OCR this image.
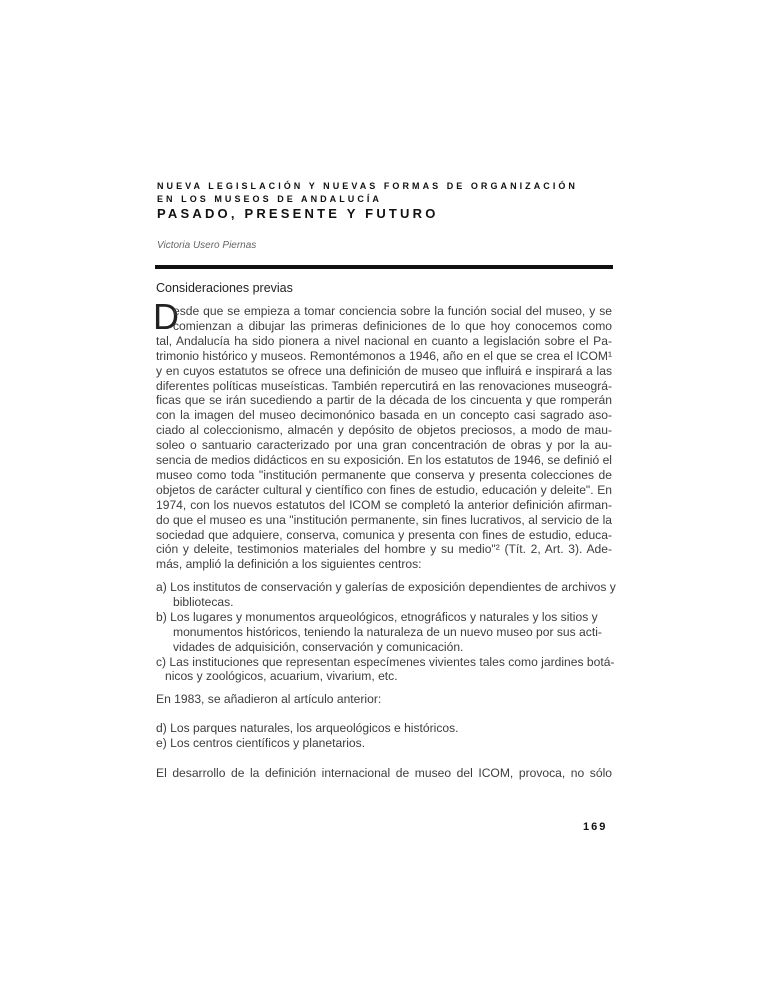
NUEVA LEGISLACIÓN Y NUEVAS FORMAS DE ORGANIZACIÓN
EN LOS MUSEOS DE ANDALUCÍA
PASADO, PRESENTE Y FUTURO
Victoria Usero Piernas
Consideraciones previas
D
esde que se empieza a tomar conciencia sobre la función social del museo, y se
comienzan a dibujar las primeras definiciones de lo que hoy conocemos como
tal, Andalucía ha sido pionera a nivel nacional en cuanto a legislación sobre el Pa-
trimonio histórico y museos. Remontémonos a 1946, año en el que se crea el ICOM¹
y en cuyos estatutos se ofrece una definición de museo que influirá e inspirará a las
diferentes políticas museísticas. También repercutirá en las renovaciones museográ-
ficas que se irán sucediendo a partir de la década de los cincuenta y que romperán
con la imagen del museo decimonónico basada en un concepto casi sagrado aso-
ciado al coleccionismo, almacén y depósito de objetos preciosos, a modo de mau-
soleo o santuario caracterizado por una gran concentración de obras y por la au-
sencia de medios didácticos en su exposición. En los estatutos de 1946, se definió el
museo como toda "institución permanente que conserva y presenta colecciones de
objetos de carácter cultural y científico con fines de estudio, educación y deleite". En
1974, con los nuevos estatutos del ICOM se completó la anterior definición afirman-
do que el museo es una "institución permanente, sin fines lucrativos, al servicio de la
sociedad que adquiere, conserva, comunica y presenta con fines de estudio, educa-
ción y deleite, testimonios materiales del hombre y su medio"² (Tít. 2, Art. 3). Ade-
más, amplió la definición a los siguientes centros:
a) Los institutos de conservación y galerías de exposición dependientes de archivos y
bibliotecas.
b) Los lugares y monumentos arqueológicos, etnográficos y naturales y los sitios y
monumentos históricos, teniendo la naturaleza de un nuevo museo por sus acti-
vidades de adquisición, conservación y comunicación.
c) Las instituciones que representan especímenes vivientes tales como jardines botá-
nicos y zoológicos, acuarium, vivarium, etc.
En 1983, se añadieron al artículo anterior:
d) Los parques naturales, los arqueológicos e históricos.
e) Los centros científicos y planetarios.
El desarrollo de la definición internacional de museo del ICOM, provoca, no sólo
169
